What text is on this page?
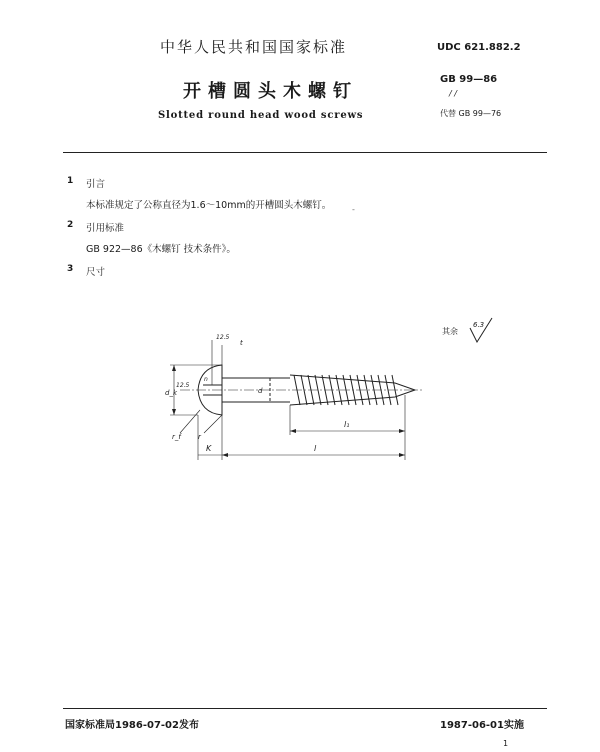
中华人民共和国国家标准
开槽圆头木螺钉
Slotted round head wood screws
UDC 621.882.2
GB 99—86
/ /
代替 GB 99—76
1 引言
本标准规定了公称直径为1.6～10mm的开槽圆头木螺钉。	-
2 引用标准
GB 922—86《木螺钉 技术条件》。
3 尺寸
其余
6.3
l₁
l
K
d_k	d
n
t
12.5
12.5
r
r_f
国家标准局1986-07-02发布	1987-06-01实施
1
